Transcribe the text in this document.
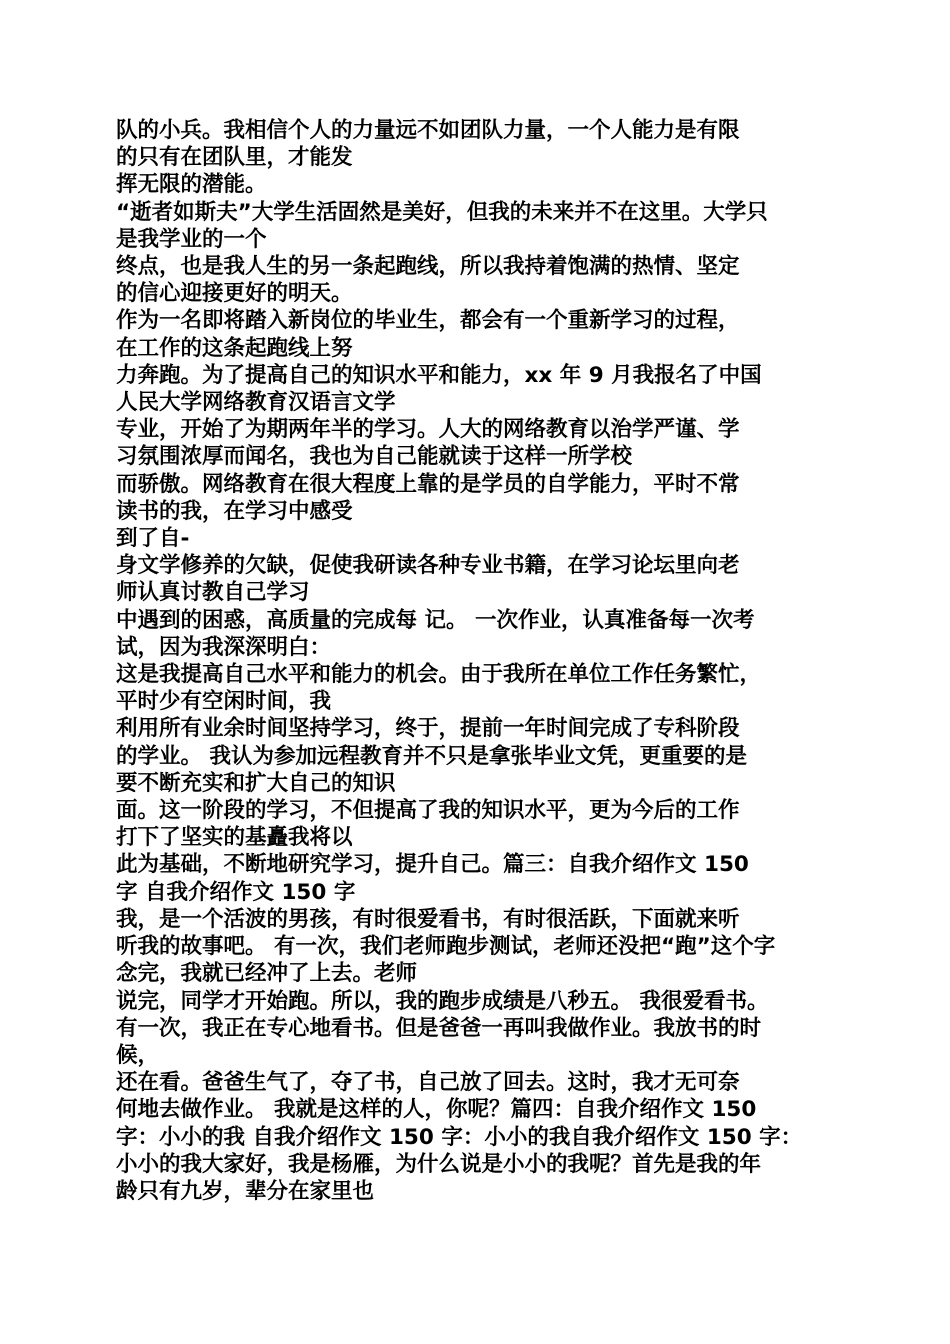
队的小兵。我相信个人的力量远不如团队力量，一个人能力是有限
的只有在团队里，才能发
挥无限的潜能。
“逝者如斯夫”大学生活固然是美好，但我的未来并不在这里。大学只
是我学业的一个
终点，也是我人生的另一条起跑线，所以我持着饱满的热情、坚定
的信心迎接更好的明天。
作为一名即将踏入新岗位的毕业生，都会有一个重新学习的过程，
在工作的这条起跑线上努
力奔跑。为了提高自己的知识水平和能力，xx 年 9 月我报名了中国
人民大学网络教育汉语言文学
专业，开始了为期两年半的学习。人大的网络教育以治学严谨、学
习氛围浓厚而闻名，我也为自己能就读于这样一所学校
而骄傲。网络教育在很大程度上靠的是学员的自学能力，平时不常
读书的我，在学习中感受
到了自-
身文学修养的欠缺，促使我研读各种专业书籍，在学习论坛里向老
师认真讨教自己学习
中遇到的困惑，高质量的完成每 记。 一次作业，认真准备每一次考
试，因为我深深明白：
这是我提高自己水平和能力的机会。由于我所在单位工作任务繁忙，
平时少有空闲时间，我
利用所有业余时间坚持学习，终于，提前一年时间完成了专科阶段
的学业。 我认为参加远程教育并不只是拿张毕业文凭，更重要的是
要不断充实和扩大自己的知识
面。这一阶段的学习，不但提高了我的知识水平，更为今后的工作
打下了坚实的基矗我将以
此为基础，不断地研究学习，提升自己。篇三：自我介绍作文 150
字 自我介绍作文 150 字
我，是一个活波的男孩，有时很爱看书，有时很活跃，下面就来听
听我的故事吧。 有一次，我们老师跑步测试，老师还没把“跑”这个字
念完，我就已经冲了上去。老师
说完，同学才开始跑。所以，我的跑步成绩是八秒五。 我很爱看书。
有一次，我正在专心地看书。但是爸爸一再叫我做作业。我放书的时
候，
还在看。爸爸生气了，夺了书，自己放了回去。这时，我才无可奈
何地去做作业。 我就是这样的人，你呢？篇四：自我介绍作文 150
字：小小的我 自我介绍作文 150 字：小小的我自我介绍作文 150 字：
小小的我大家好，我是杨雁，为什么说是小小的我呢？首先是我的年
龄只有九岁，辈分在家里也
